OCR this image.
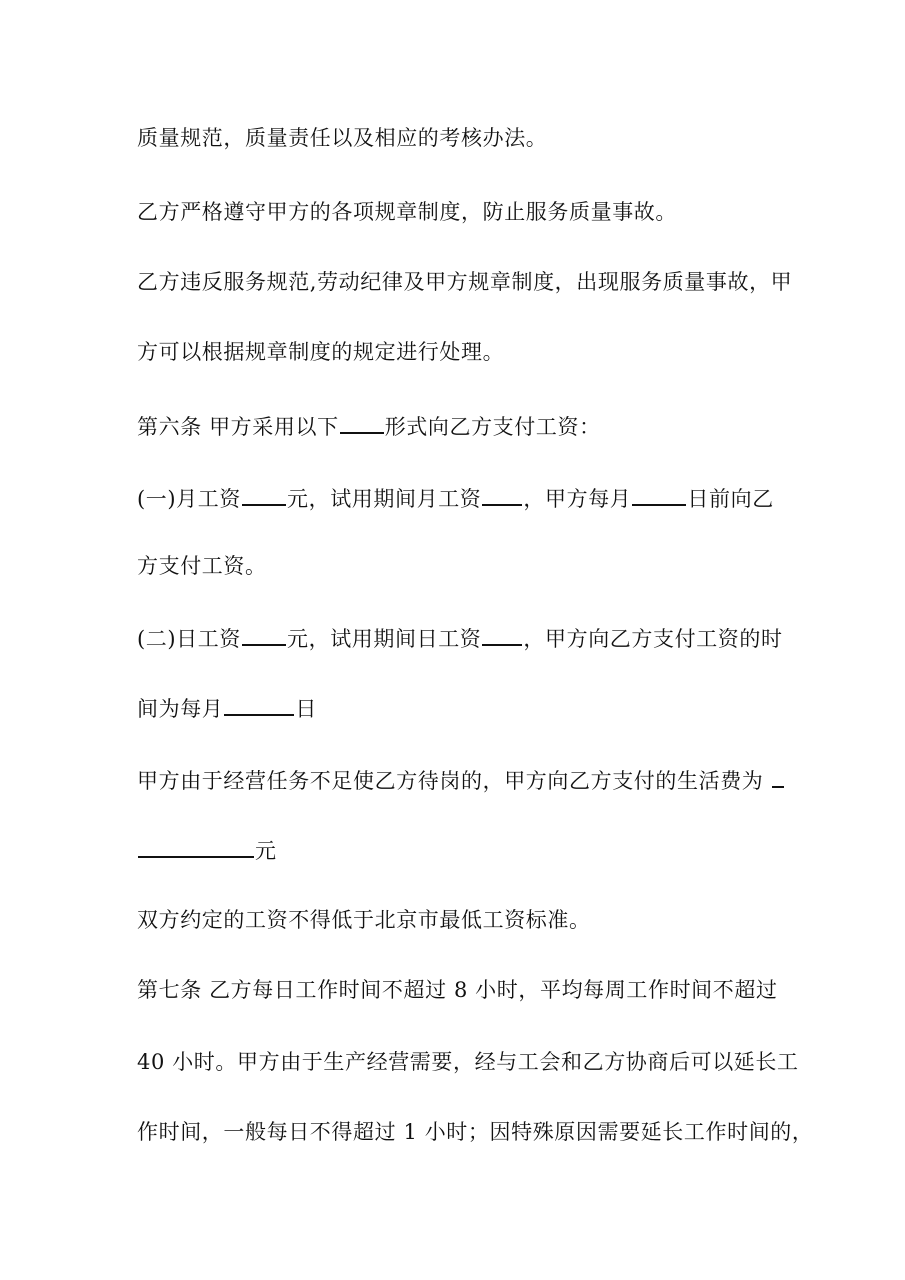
质量规范，质量责任以及相应的考核办法。
乙方严格遵守甲方的各项规章制度，防止服务质量事故。
乙方违反服务规范,劳动纪律及甲方规章制度，出现服务质量事故，甲
方可以根据规章制度的规定进行处理。
第六条 甲方采用以下 形式向乙方支付工资：
(一)月工资 元，试用期间月工资 ，甲方每月	日前向乙
方支付工资。
(二)日工资 元，试用期间日工资 ，甲方向乙方支付工资的时
间为每月	日
甲方由于经营任务不足使乙方待岗的，甲方向乙方支付的生活费为
元
双方约定的工资不得低于北京市最低工资标准。
第七条 乙方每日工作时间不超过 8 小时，平均每周工作时间不超过
40 小时。甲方由于生产经营需要，经与工会和乙方协商后可以延长工
作时间，一般每日不得超过 1 小时；因特殊原因需要延长工作时间的，
